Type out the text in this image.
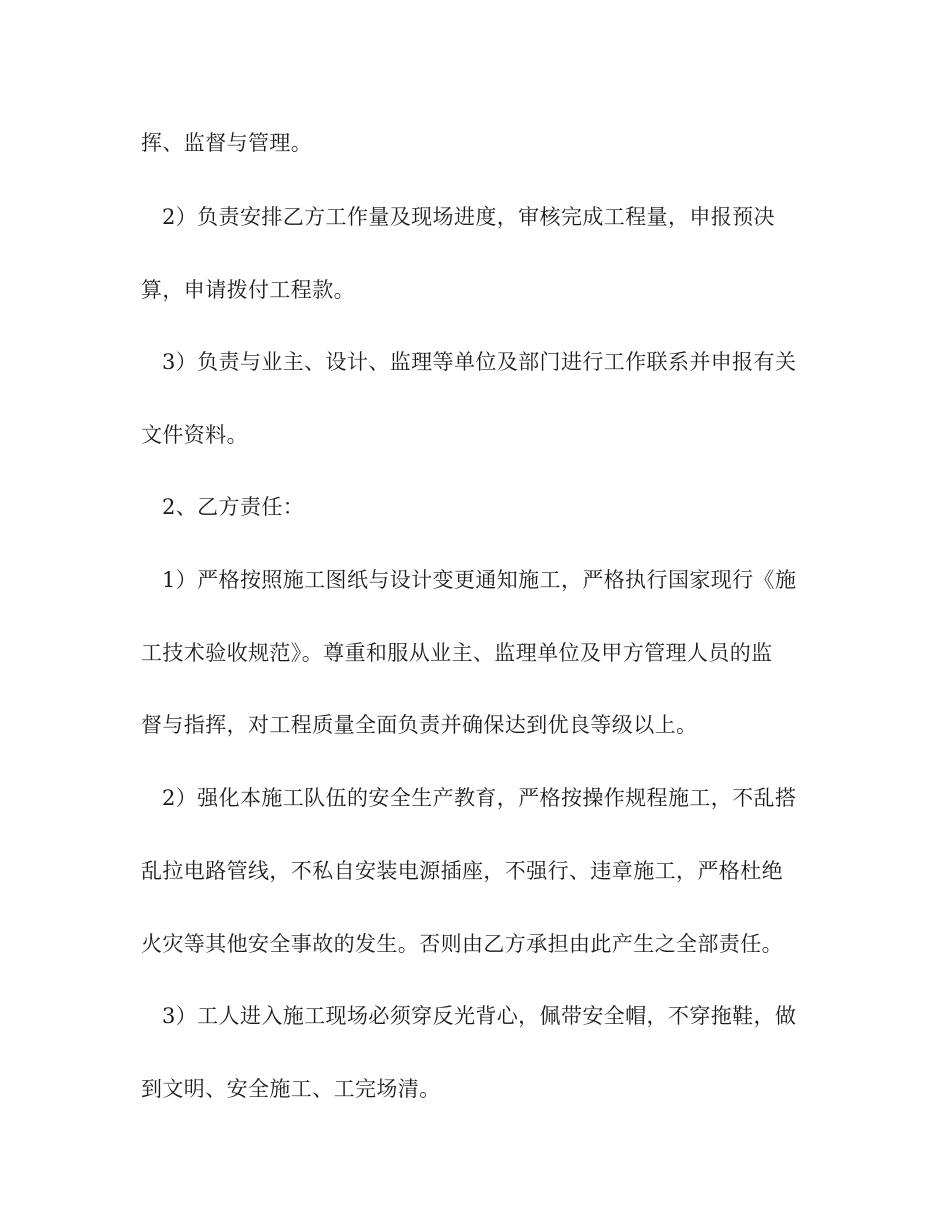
挥、监督与管理。
2）负责安排乙方工作量及现场进度，审核完成工程量，申报预决
算，申请拨付工程款。
3）负责与业主、设计、监理等单位及部门进行工作联系并申报有关
文件资料。
2、乙方责任：
1）严格按照施工图纸与设计变更通知施工，严格执行国家现行《施
工技术验收规范》。尊重和服从业主、监理单位及甲方管理人员的监
督与指挥，对工程质量全面负责并确保达到优良等级以上。
2）强化本施工队伍的安全生产教育，严格按操作规程施工，不乱搭
乱拉电路管线，不私自安装电源插座，不强行、违章施工，严格杜绝
火灾等其他安全事故的发生。否则由乙方承担由此产生之全部责任。
3）工人进入施工现场必须穿反光背心，佩带安全帽，不穿拖鞋，做
到文明、安全施工、工完场清。
